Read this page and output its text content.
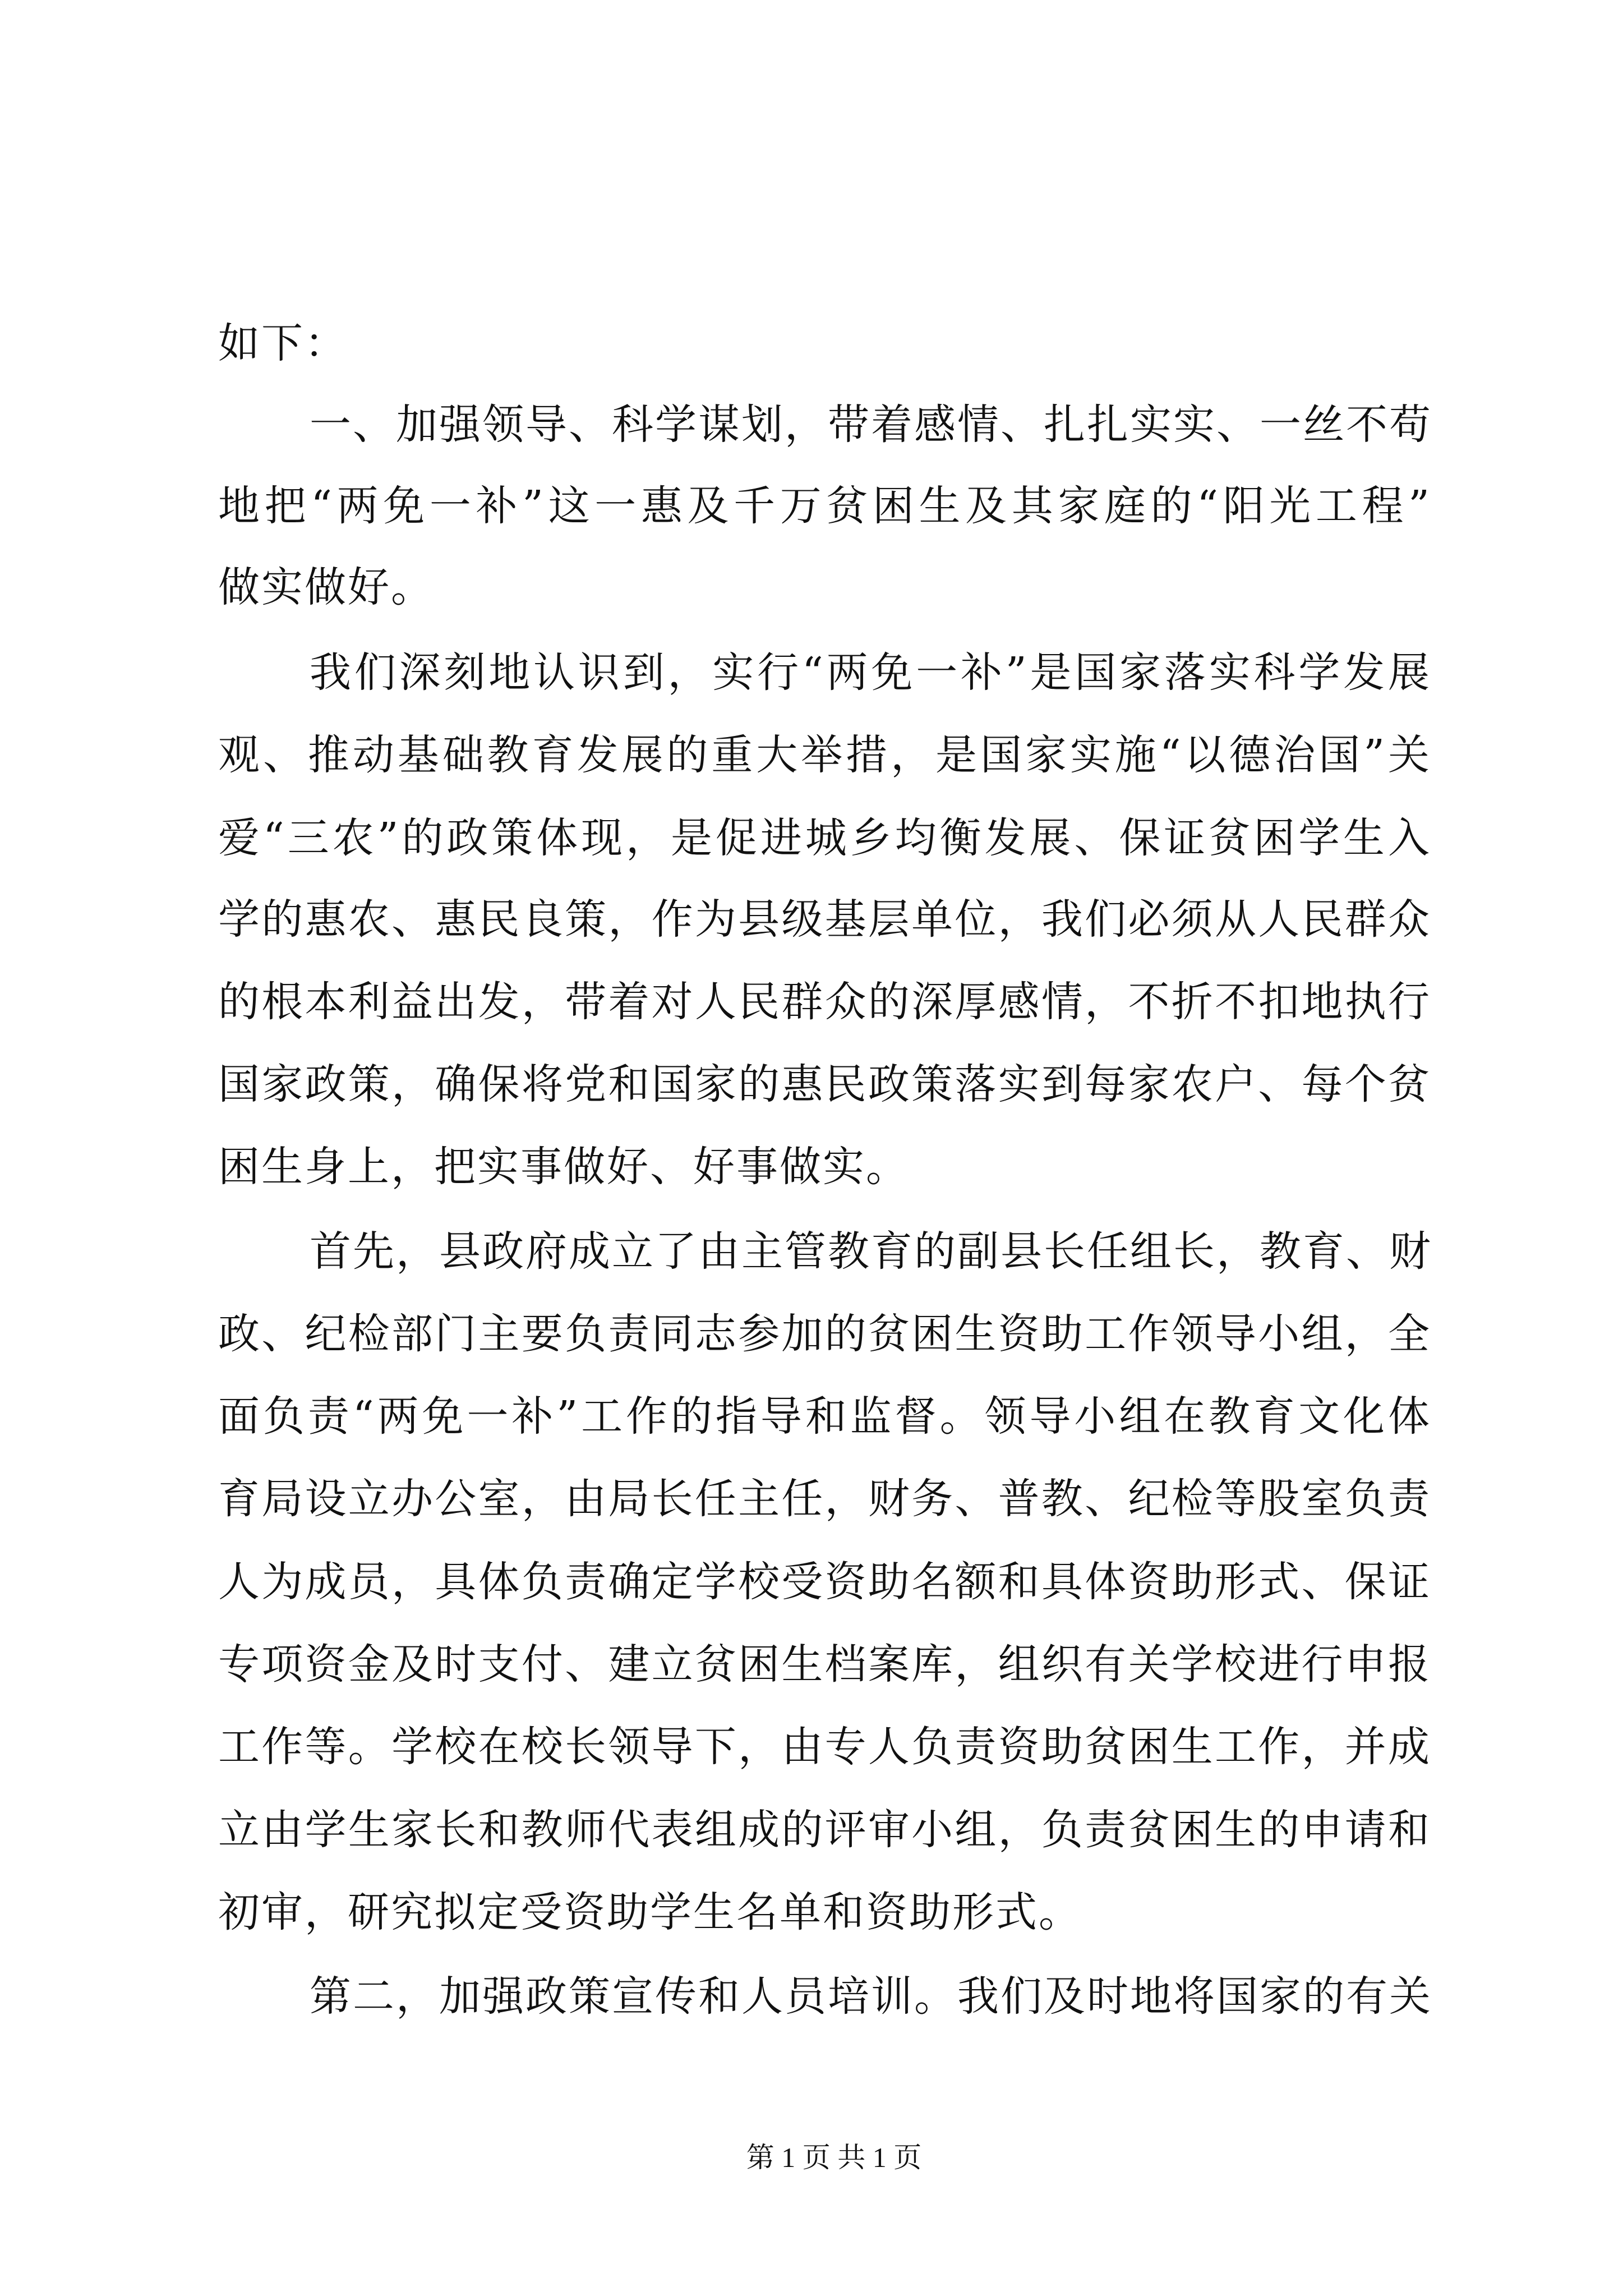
如下：
一、加强领导、科学谋划，带着感情、扎扎实实、一丝不苟
地把“两免一补”这一惠及千万贫困生及其家庭的“阳光工程”
做实做好。
我们深刻地认识到，实行“两免一补”是国家落实科学发展
观、推动基础教育发展的重大举措，是国家实施“以德治国”关
爱“三农”的政策体现，是促进城乡均衡发展、保证贫困学生入
学的惠农、惠民良策，作为县级基层单位，我们必须从人民群众
的根本利益出发，带着对人民群众的深厚感情，不折不扣地执行
国家政策，确保将党和国家的惠民政策落实到每家农户、每个贫
困生身上，把实事做好、好事做实。
首先，县政府成立了由主管教育的副县长任组长，教育、财
政、纪检部门主要负责同志参加的贫困生资助工作领导小组，全
面负责“两免一补”工作的指导和监督。领导小组在教育文化体
育局设立办公室，由局长任主任，财务、普教、纪检等股室负责
人为成员，具体负责确定学校受资助名额和具体资助形式、保证
专项资金及时支付、建立贫困生档案库，组织有关学校进行申报
工作等。学校在校长领导下，由专人负责资助贫困生工作，并成
立由学生家长和教师代表组成的评审小组，负责贫困生的申请和
初审，研究拟定受资助学生名单和资助形式。
第二，加强政策宣传和人员培训。我们及时地将国家的有关
第 1 页 共 1 页
